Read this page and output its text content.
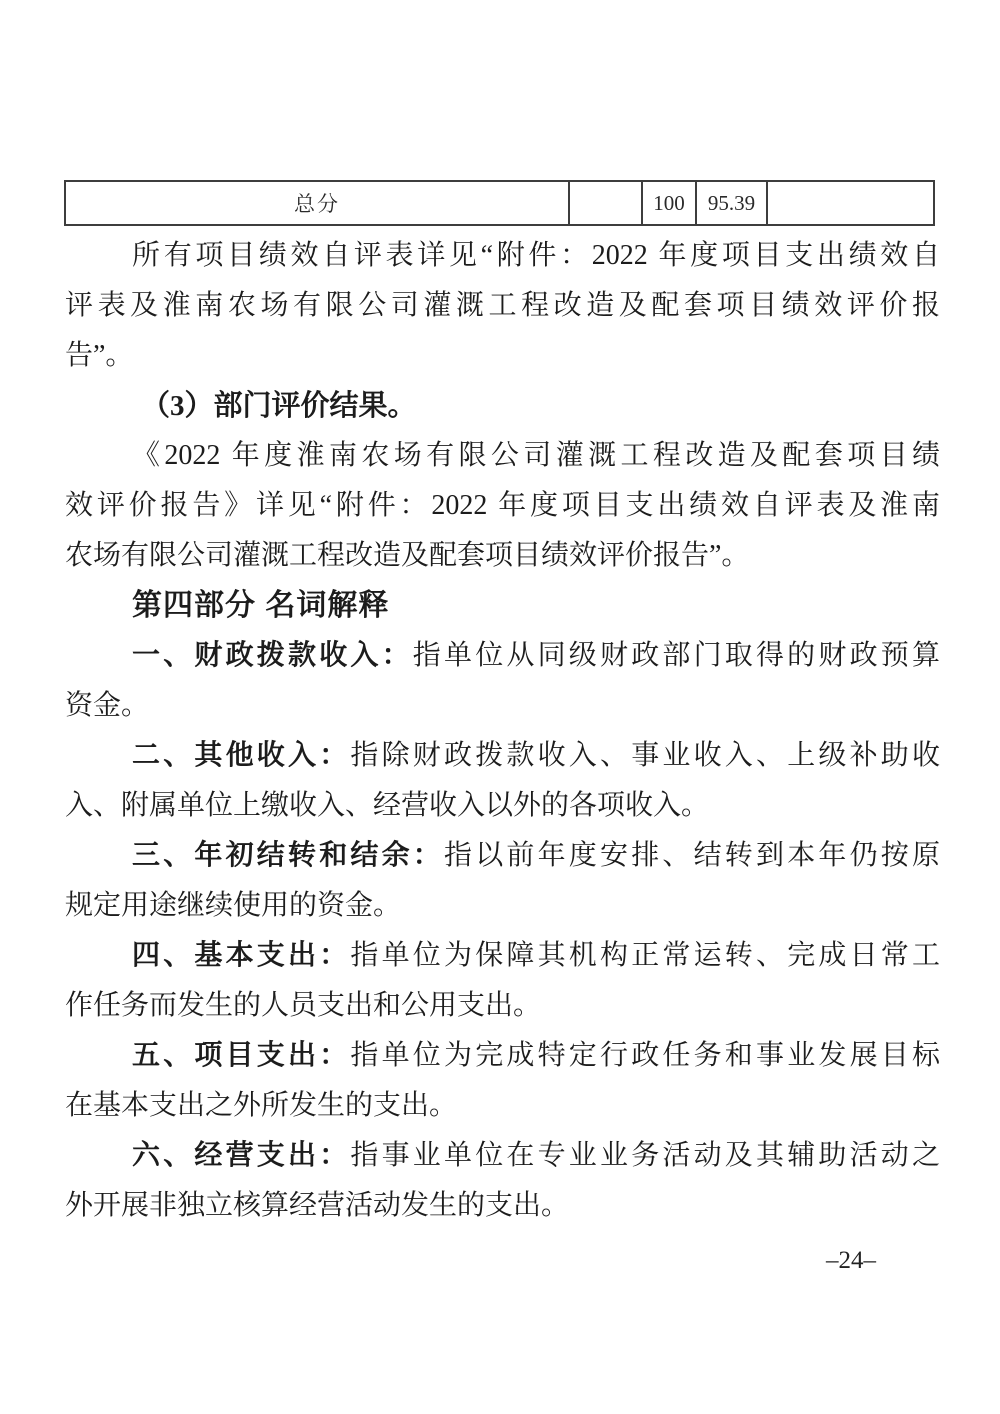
总分		100	95.39	
所有项目绩效自评表详见“附件：2022 年度项目支出绩效自
评表及淮南农场有限公司灌溉工程改造及配套项目绩效评价报
告”。
（3）部门评价结果。
《2022 年度淮南农场有限公司灌溉工程改造及配套项目绩
效评价报告》详见“附件：2022 年度项目支出绩效自评表及淮南
农场有限公司灌溉工程改造及配套项目绩效评价报告”。
第四部分 名词解释
一、财政拨款收入：指单位从同级财政部门取得的财政预算
资金。
二、其他收入：指除财政拨款收入、事业收入、上级补助收
入、附属单位上缴收入、经营收入以外的各项收入。
三、年初结转和结余：指以前年度安排、结转到本年仍按原
规定用途继续使用的资金。
四、基本支出：指单位为保障其机构正常运转、完成日常工
作任务而发生的人员支出和公用支出。
五、项目支出：指单位为完成特定行政任务和事业发展目标
在基本支出之外所发生的支出。
六、经营支出：指事业单位在专业业务活动及其辅助活动之
外开展非独立核算经营活动发生的支出。
–24–
